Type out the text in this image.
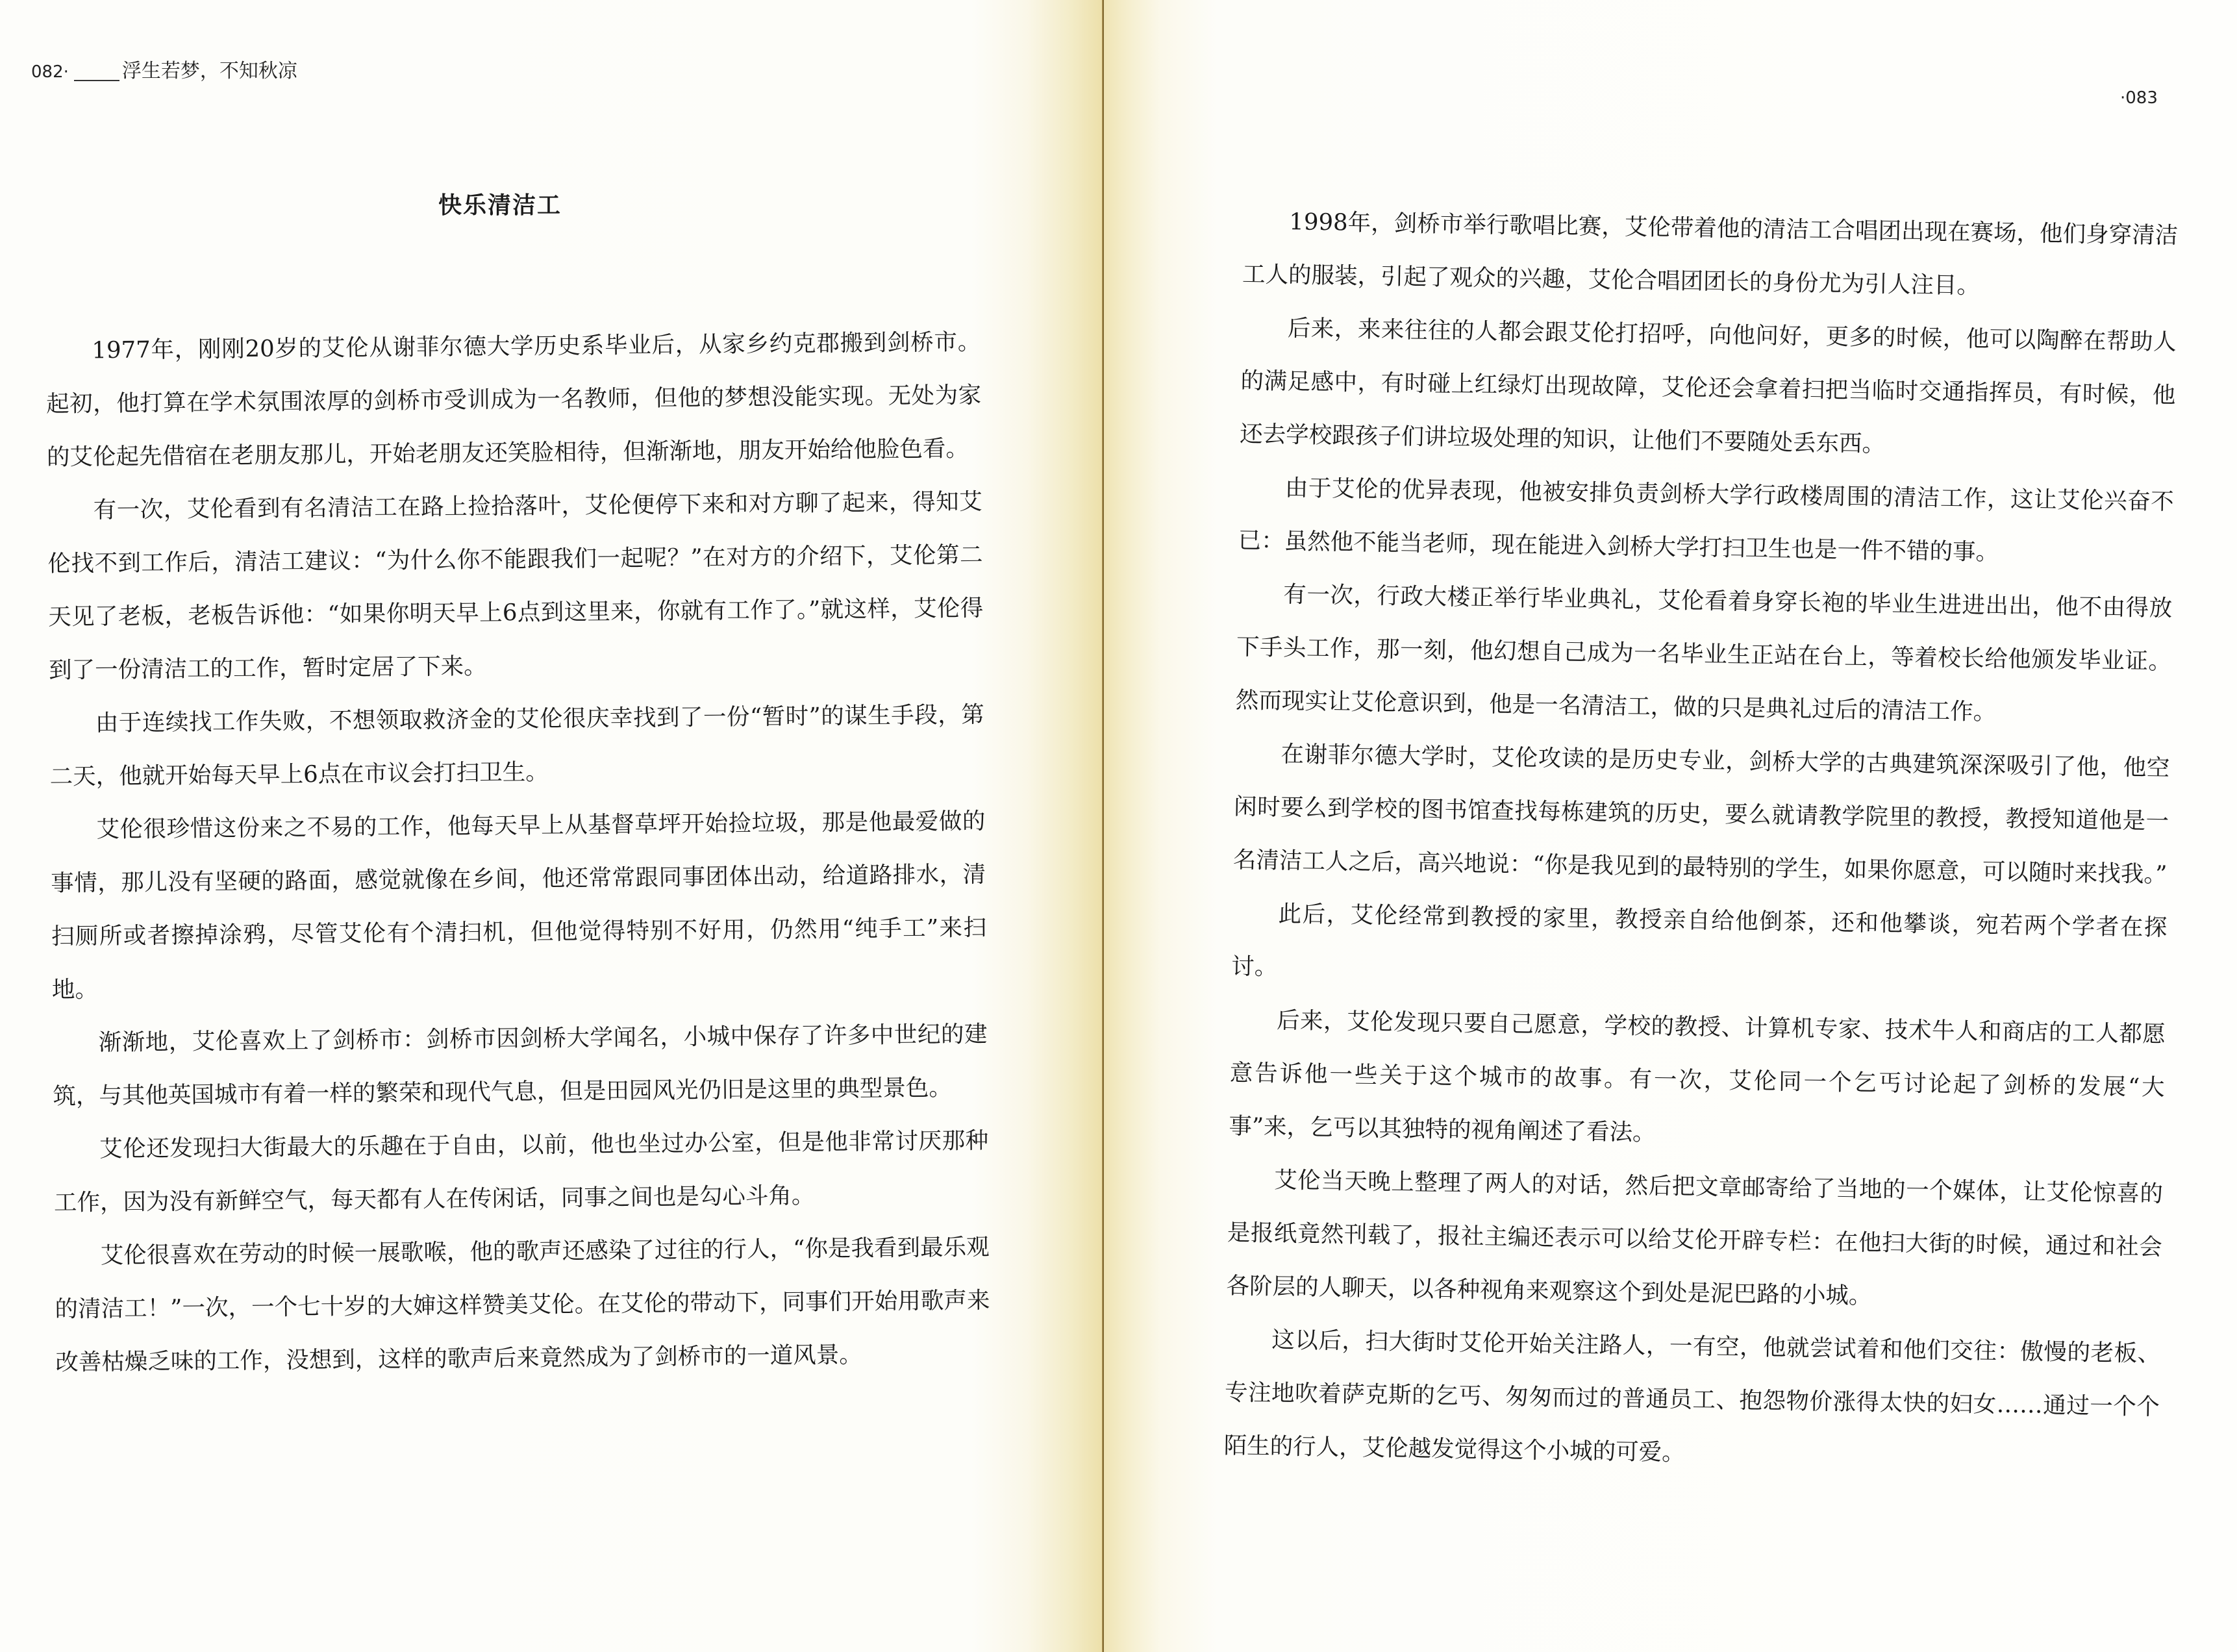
082·	浮生若梦，不知秋凉
快乐清洁工

1977年，刚刚20岁的艾伦从谢菲尔德大学历史系毕业后，从家乡约克郡搬到剑桥市。起初，他打算在学术氛围浓厚的剑桥市受训成为一名教师，但他的梦想没能实现。无处为家的艾伦起先借宿在老朋友那儿，开始老朋友还笑脸相待，但渐渐地，朋友开始给他脸色看。

有一次，艾伦看到有名清洁工在路上捡拾落叶，艾伦便停下来和对方聊了起来，得知艾伦找不到工作后，清洁工建议：“为什么你不能跟我们一起呢？”在对方的介绍下，艾伦第二天见了老板，老板告诉他：“如果你明天早上6点到这里来，你就有工作了。”就这样，艾伦得到了一份清洁工的工作，暂时定居了下来。

由于连续找工作失败，不想领取救济金的艾伦很庆幸找到了一份“暂时”的谋生手段，第二天，他就开始每天早上6点在市议会打扫卫生。

艾伦很珍惜这份来之不易的工作，他每天早上从基督草坪开始捡垃圾，那是他最爱做的事情，那儿没有坚硬的路面，感觉就像在乡间，他还常常跟同事团体出动，给道路排水，清扫厕所或者擦掉涂鸦，尽管艾伦有个清扫机，但他觉得特别不好用，仍然用“纯手工”来扫地。

渐渐地，艾伦喜欢上了剑桥市：剑桥市因剑桥大学闻名，小城中保存了许多中世纪的建筑，与其他英国城市有着一样的繁荣和现代气息，但是田园风光仍旧是这里的典型景色。

艾伦还发现扫大街最大的乐趣在于自由，以前，他也坐过办公室，但是他非常讨厌那种工作，因为没有新鲜空气，每天都有人在传闲话，同事之间也是勾心斗角。

艾伦很喜欢在劳动的时候一展歌喉，他的歌声还感染了过往的行人，“你是我看到最乐观的清洁工！”一次，一个七十岁的大婶这样赞美艾伦。在艾伦的带动下，同事们开始用歌声来改善枯燥乏味的工作，没想到，这样的歌声后来竟然成为了剑桥市的一道风景。

·083

1998年，剑桥市举行歌唱比赛，艾伦带着他的清洁工合唱团出现在赛场，他们身穿清洁工人的服装，引起了观众的兴趣，艾伦合唱团团长的身份尤为引人注目。

后来，来来往往的人都会跟艾伦打招呼，向他问好，更多的时候，他可以陶醉在帮助人的满足感中，有时碰上红绿灯出现故障，艾伦还会拿着扫把当临时交通指挥员，有时候，他还去学校跟孩子们讲垃圾处理的知识，让他们不要随处丢东西。

由于艾伦的优异表现，他被安排负责剑桥大学行政楼周围的清洁工作，这让艾伦兴奋不已：虽然他不能当老师，现在能进入剑桥大学打扫卫生也是一件不错的事。

有一次，行政大楼正举行毕业典礼，艾伦看着身穿长袍的毕业生进进出出，他不由得放下手头工作，那一刻，他幻想自己成为一名毕业生正站在台上，等着校长给他颁发毕业证。然而现实让艾伦意识到，他是一名清洁工，做的只是典礼过后的清洁工作。

在谢菲尔德大学时，艾伦攻读的是历史专业，剑桥大学的古典建筑深深吸引了他，他空闲时要么到学校的图书馆查找每栋建筑的历史，要么就请教学院里的教授，教授知道他是一名清洁工人之后，高兴地说：“你是我见到的最特别的学生，如果你愿意，可以随时来找我。”

此后，艾伦经常到教授的家里，教授亲自给他倒茶，还和他攀谈，宛若两个学者在探讨。

后来，艾伦发现只要自己愿意，学校的教授、计算机专家、技术牛人和商店的工人都愿意告诉他一些关于这个城市的故事。有一次，艾伦同一个乞丐讨论起了剑桥的发展“大事”来，乞丐以其独特的视角阐述了看法。

艾伦当天晚上整理了两人的对话，然后把文章邮寄给了当地的一个媒体，让艾伦惊喜的是报纸竟然刊载了，报社主编还表示可以给艾伦开辟专栏：在他扫大街的时候，通过和社会各阶层的人聊天，以各种视角来观察这个到处是泥巴路的小城。

这以后，扫大街时艾伦开始关注路人，一有空，他就尝试着和他们交往：傲慢的老板、专注地吹着萨克斯的乞丐、匆匆而过的普通员工、抱怨物价涨得太快的妇女……通过一个个陌生的行人，艾伦越发觉得这个小城的可爱。
